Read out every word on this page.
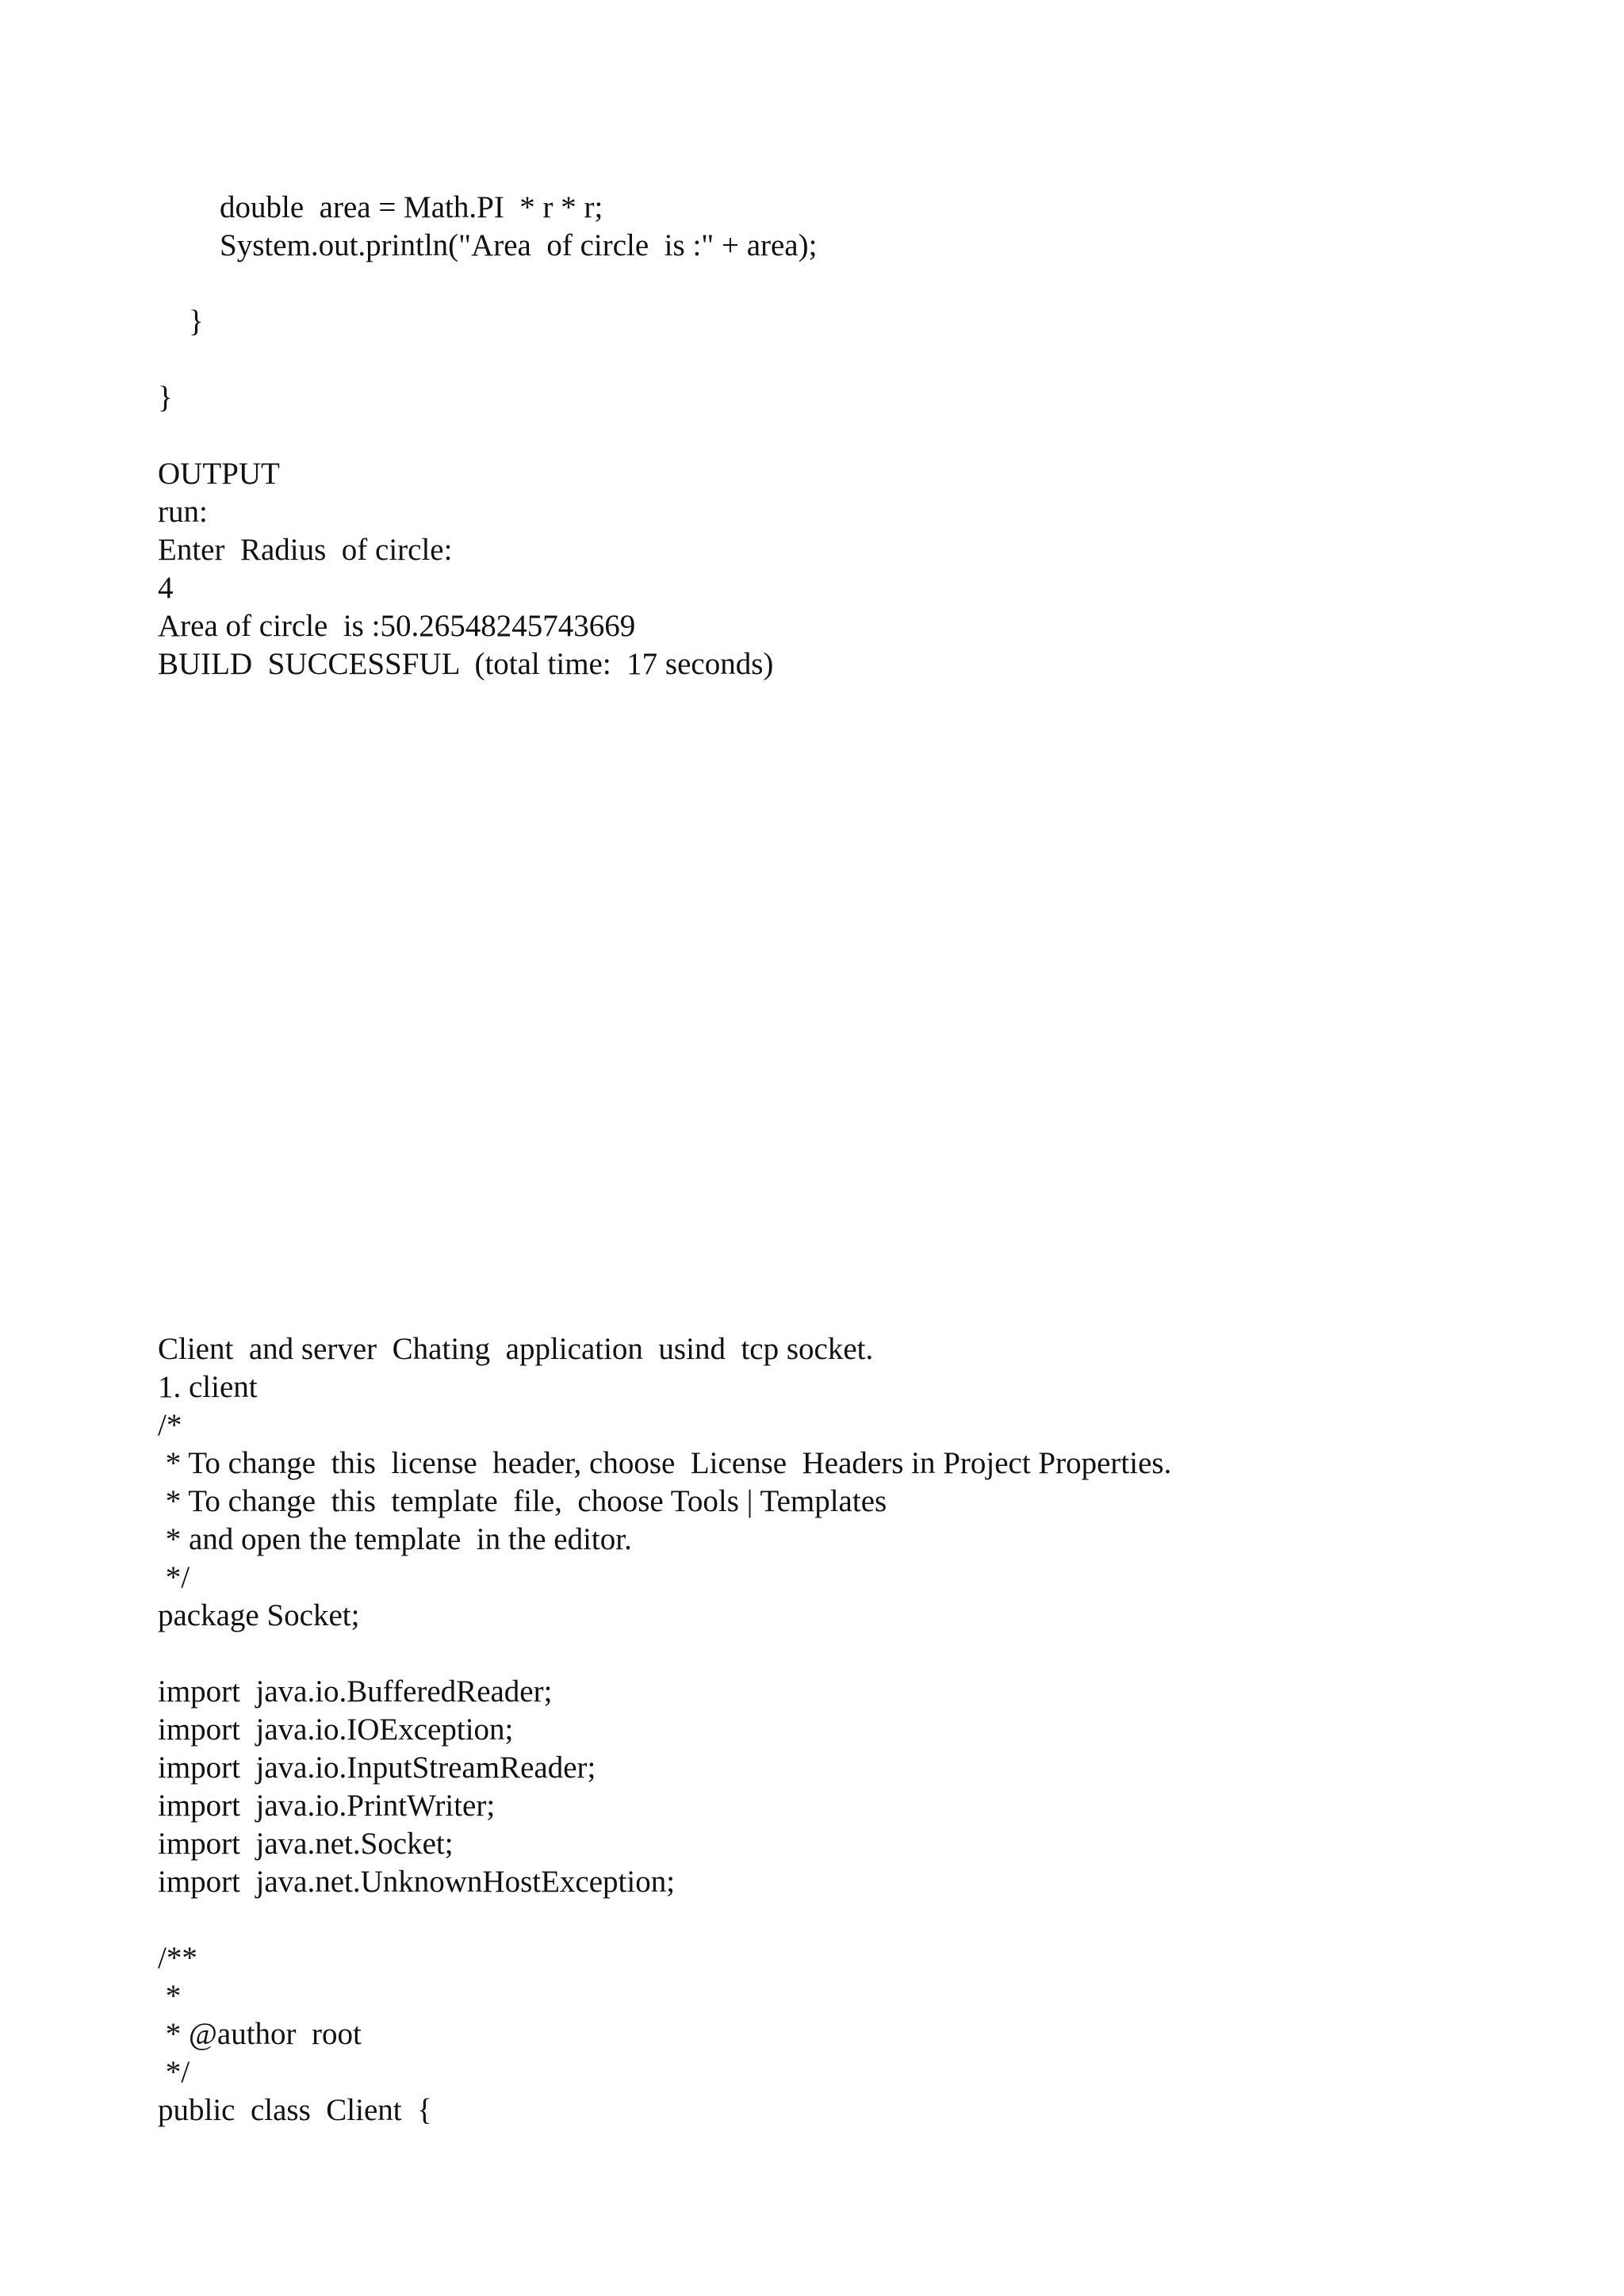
double  area = Math.PI  * r * r;
System.out.println("Area  of circle  is :" + area);
}
}
OUTPUT
run:
Enter  Radius  of circle:
4
Area of circle  is :50.26548245743669
BUILD  SUCCESSFUL  (total time:  17 seconds)
Client  and server  Chating  application  usind  tcp socket.
1. client
/*
* To change  this  license  header, choose  License  Headers in Project Properties.
* To change  this  template  file,  choose Tools | Templates
* and open the template  in the editor.
*/
package Socket;
import  java.io.BufferedReader;
import  java.io.IOException;
import  java.io.InputStreamReader;
import  java.io.PrintWriter;
import  java.net.Socket;
import  java.net.UnknownHostException;
/**
*
* @author  root
*/
public  class  Client  {
